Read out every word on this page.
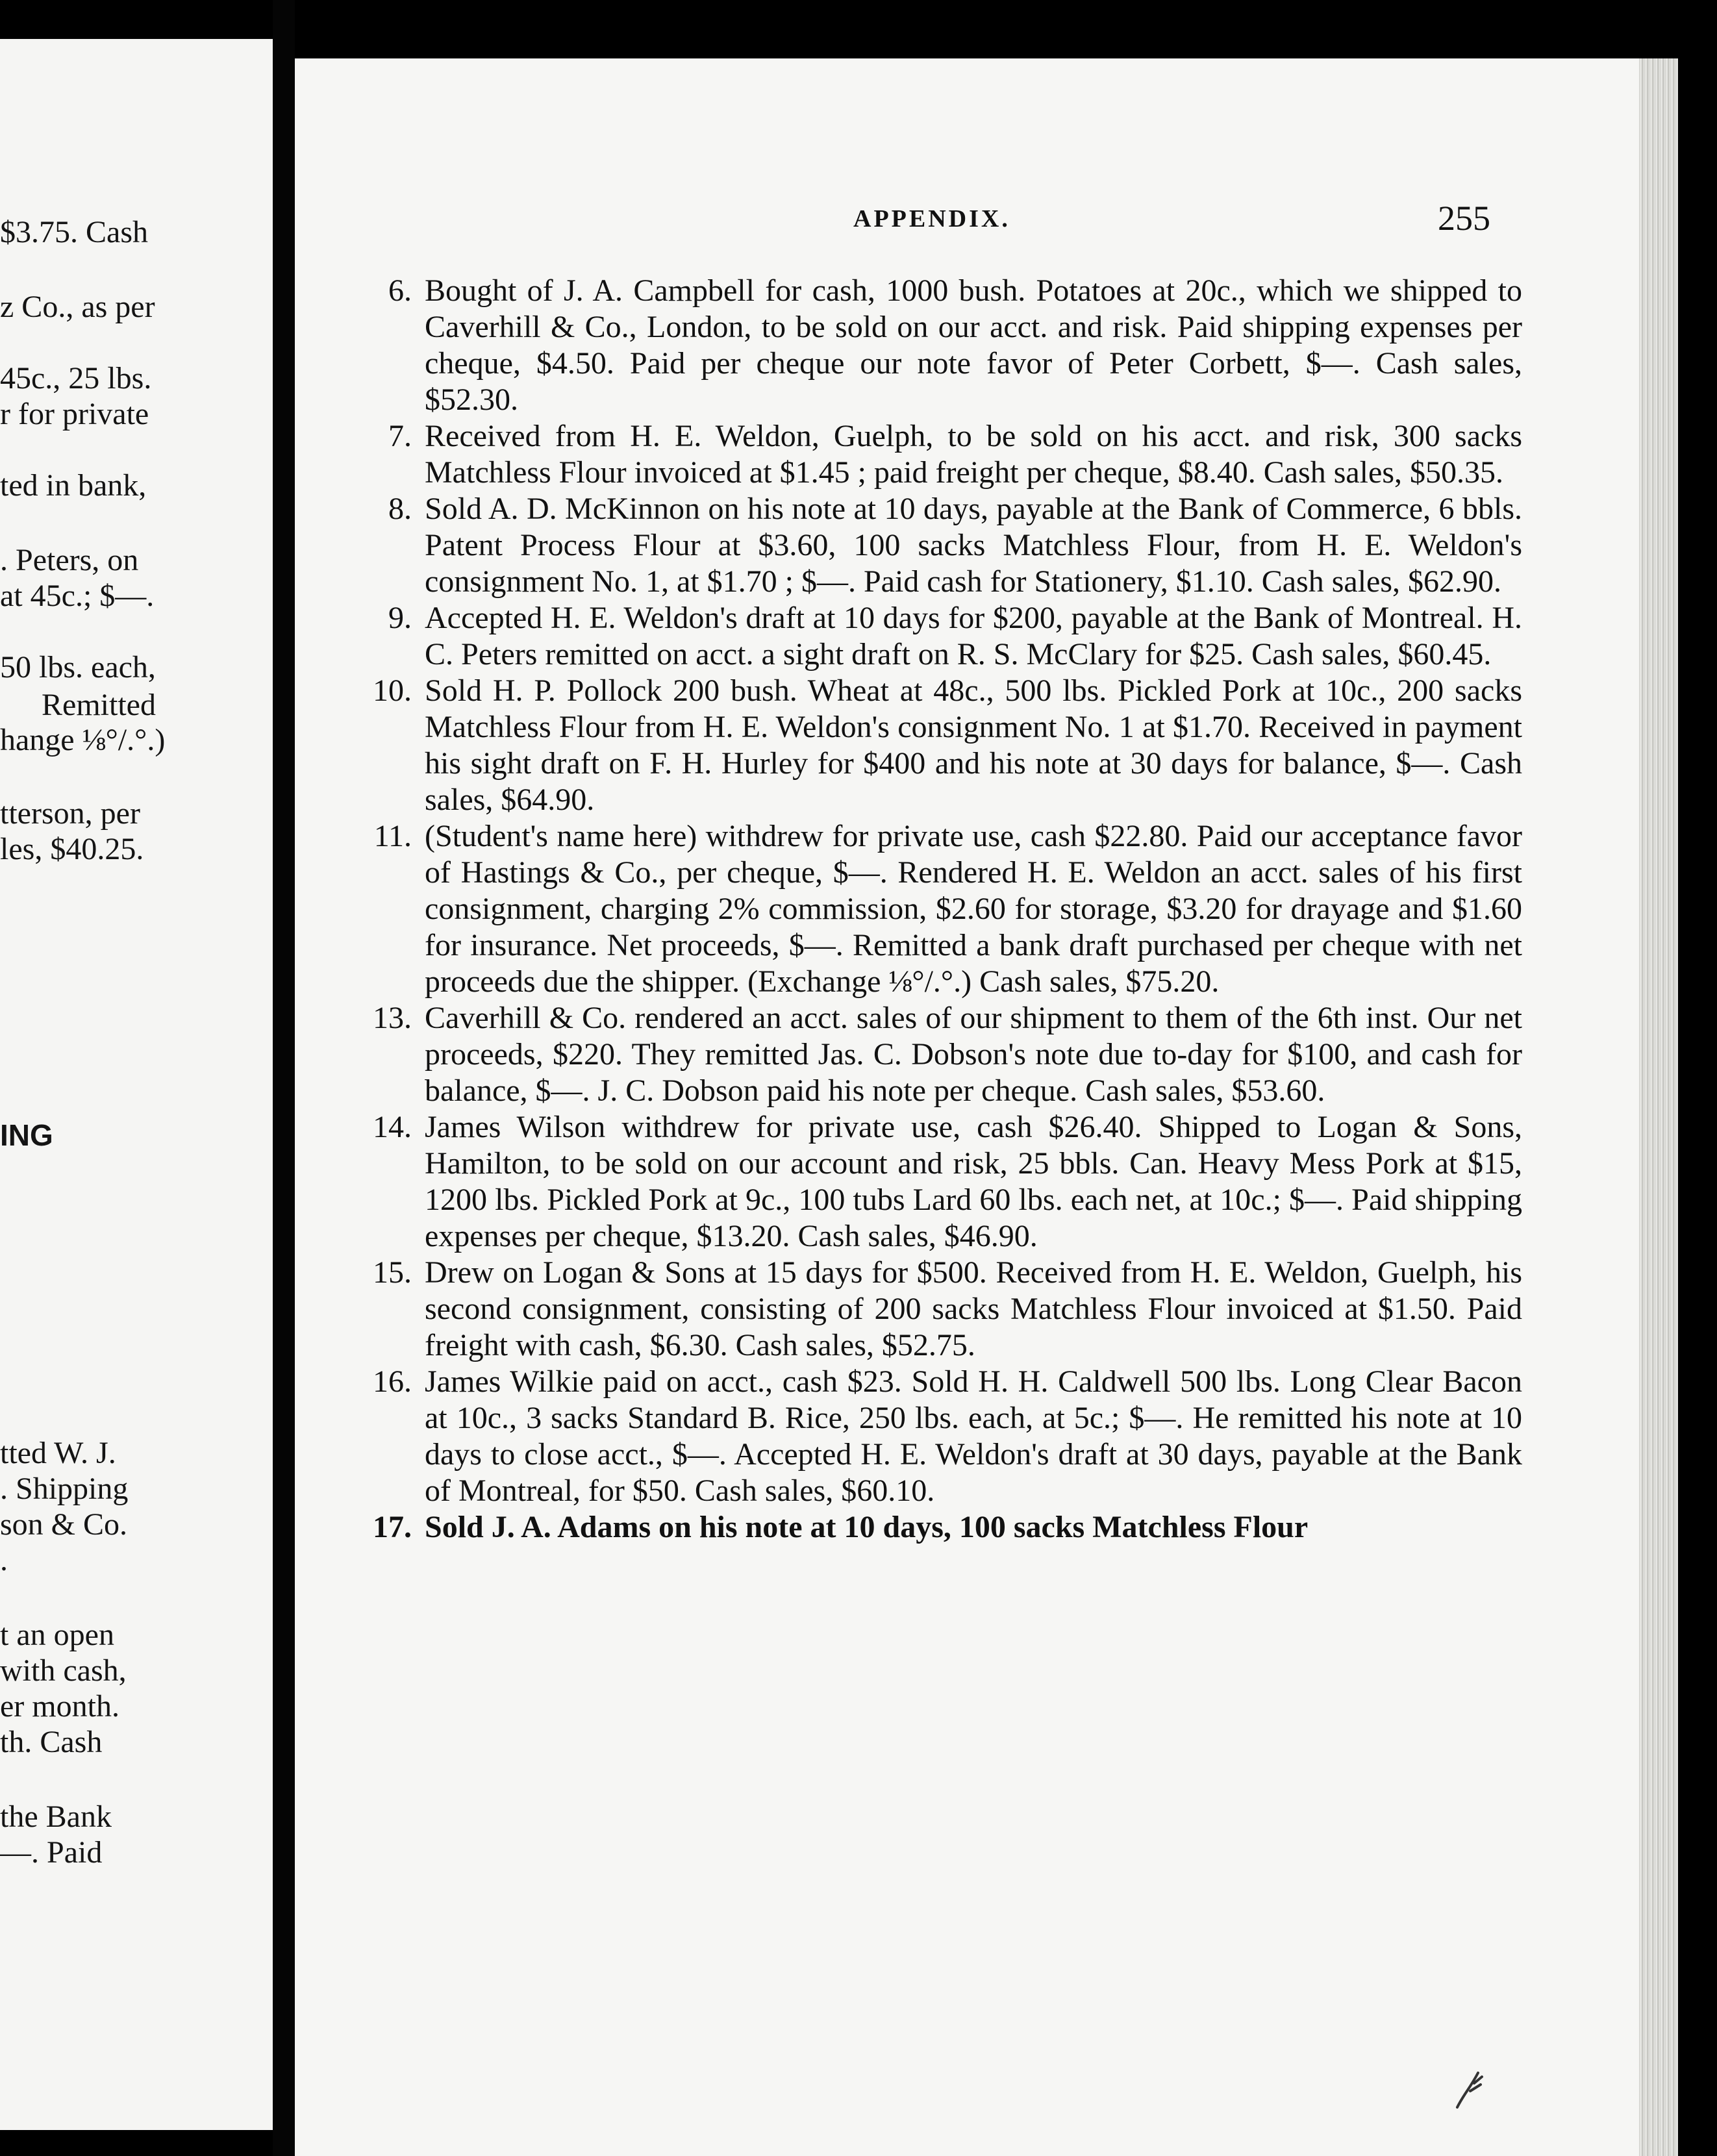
$3.75. Cash
z Co., as per
45c., 25 lbs.
r for private
ted in bank,
. Peters, on
at 45c.; $—.
50 lbs. each,
Remitted
hange ⅛°/.°.)
tterson, per
les, $40.25.
ING
tted W. J.
. Shipping
son & Co.
.
t an open
with cash,
er month.
th. Cash
the Bank
—. Paid
APPENDIX.	255
6. Bought of J. A. Campbell for cash, 1000 bush. Potatoes at 20c., which we shipped to Caverhill & Co., London, to be sold on our acct. and risk. Paid shipping expenses per cheque, $4.50. Paid per cheque our note favor of Peter Corbett, $—. Cash sales, $52.30.
7. Received from H. E. Weldon, Guelph, to be sold on his acct. and risk, 300 sacks Matchless Flour invoiced at $1.45 ; paid freight per cheque, $8.40. Cash sales, $50.35.
8. Sold A. D. McKinnon on his note at 10 days, payable at the Bank of Commerce, 6 bbls. Patent Process Flour at $3.60, 100 sacks Matchless Flour, from H. E. Weldon's consignment No. 1, at $1.70 ; $—. Paid cash for Stationery, $1.10. Cash sales, $62.90.
9. Accepted H. E. Weldon's draft at 10 days for $200, payable at the Bank of Montreal. H. C. Peters remitted on acct. a sight draft on R. S. McClary for $25. Cash sales, $60.45.
10. Sold H. P. Pollock 200 bush. Wheat at 48c., 500 lbs. Pickled Pork at 10c., 200 sacks Matchless Flour from H. E. Weldon's consignment No. 1 at $1.70. Received in payment his sight draft on F. H. Hurley for $400 and his note at 30 days for balance, $—. Cash sales, $64.90.
11. (Student's name here) withdrew for private use, cash $22.80. Paid our acceptance favor of Hastings & Co., per cheque, $—. Rendered H. E. Weldon an acct. sales of his first consignment, charging 2% commission, $2.60 for storage, $3.20 for drayage and $1.60 for insurance. Net proceeds, $—. Remitted a bank draft purchased per cheque with net proceeds due the shipper. (Exchange ⅛°/.°.) Cash sales, $75.20.
13. Caverhill & Co. rendered an acct. sales of our shipment to them of the 6th inst. Our net proceeds, $220. They remitted Jas. C. Dobson's note due to-day for $100, and cash for balance, $—. J. C. Dobson paid his note per cheque. Cash sales, $53.60.
14. James Wilson withdrew for private use, cash $26.40. Shipped to Logan & Sons, Hamilton, to be sold on our account and risk, 25 bbls. Can. Heavy Mess Pork at $15, 1200 lbs. Pickled Pork at 9c., 100 tubs Lard 60 lbs. each net, at 10c.; $—. Paid shipping expenses per cheque, $13.20. Cash sales, $46.90.
15. Drew on Logan & Sons at 15 days for $500. Received from H. E. Weldon, Guelph, his second consignment, consisting of 200 sacks Matchless Flour invoiced at $1.50. Paid freight with cash, $6.30. Cash sales, $52.75.
16. James Wilkie paid on acct., cash $23. Sold H. H. Caldwell 500 lbs. Long Clear Bacon at 10c., 3 sacks Standard B. Rice, 250 lbs. each, at 5c.; $—. He remitted his note at 10 days to close acct., $—. Accepted H. E. Weldon's draft at 30 days, payable at the Bank of Montreal, for $50. Cash sales, $60.10.
17. Sold J. A. Adams on his note at 10 days, 100 sacks Matchless Flour
